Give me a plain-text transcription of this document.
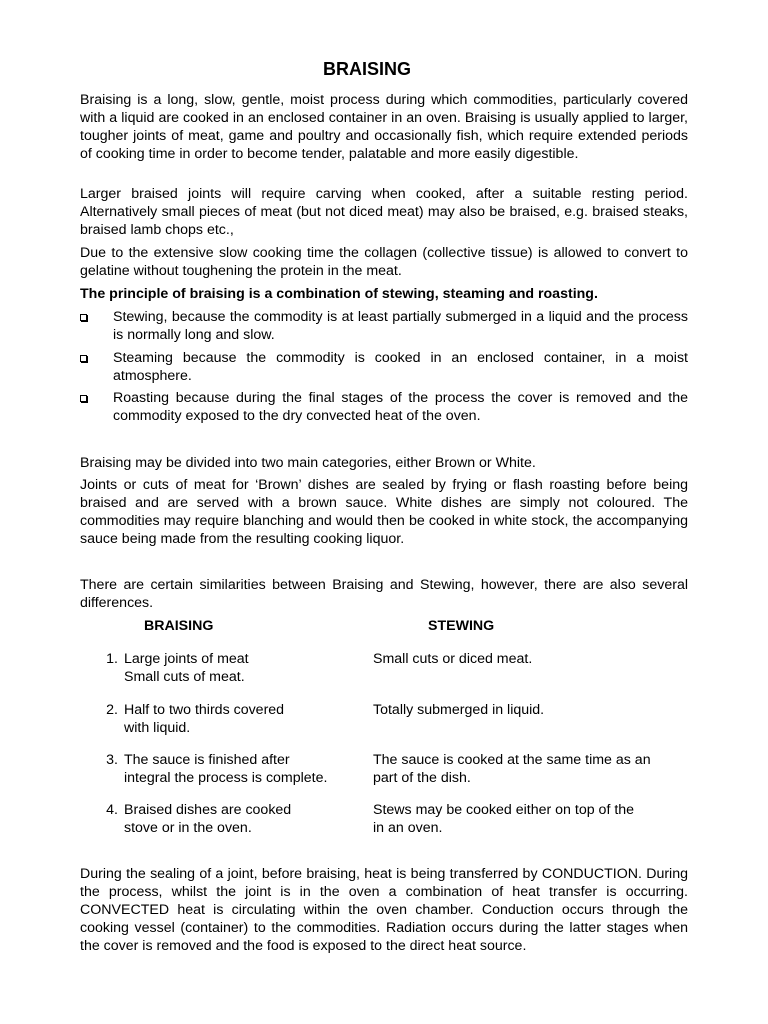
BRAISING

Braising is a long, slow, gentle, moist process during which commodities, particularly covered with a liquid are cooked in an enclosed container in an oven. Braising is usually applied to larger, tougher joints of meat, game and poultry and occasionally fish, which require extended periods of cooking time in order to become tender, palatable and more easily digestible.

Larger braised joints will require carving when cooked, after a suitable resting period. Alternatively small pieces of meat (but not diced meat) may also be braised, e.g. braised steaks, braised lamb chops etc.,

Due to the extensive slow cooking time the collagen (collective tissue) is allowed to convert to gelatine without toughening the protein in the meat.

The principle of braising is a combination of stewing, steaming and roasting.

Stewing, because the commodity is at least partially submerged in a liquid and the process is normally long and slow.

Steaming because the commodity is cooked in an enclosed container, in a moist atmosphere.

Roasting because during the final stages of the process the cover is removed and the commodity exposed to the dry convected heat of the oven.

Braising may be divided into two main categories, either Brown or White.

Joints or cuts of meat for ‘Brown’ dishes are sealed by frying or flash roasting before being braised and are served with a brown sauce. White dishes are simply not coloured. The commodities may require blanching and would then be cooked in white stock, the accompanying sauce being made from the resulting cooking liquor.

There are certain similarities between Braising and Stewing, however, there are also several differences.

BRAISING	STEWING

1. Large joints of meat
Small cuts of meat.
Small cuts or diced meat.
2. Half to two thirds covered
with liquid.
Totally submerged in liquid.
3. The sauce is finished after
integral the process is complete.
The sauce is cooked at the same time as an
part of the dish.
4. Braised dishes are cooked
stove or in the oven.
Stews may be cooked either on top of the
in an oven.

During the sealing of a joint, before braising, heat is being transferred by CONDUCTION. During the process, whilst the joint is in the oven a combination of heat transfer is occurring. CONVECTED heat is circulating within the oven chamber. Conduction occurs through the cooking vessel (container) to the commodities. Radiation occurs during the latter stages when the cover is removed and the food is exposed to the direct heat source.
